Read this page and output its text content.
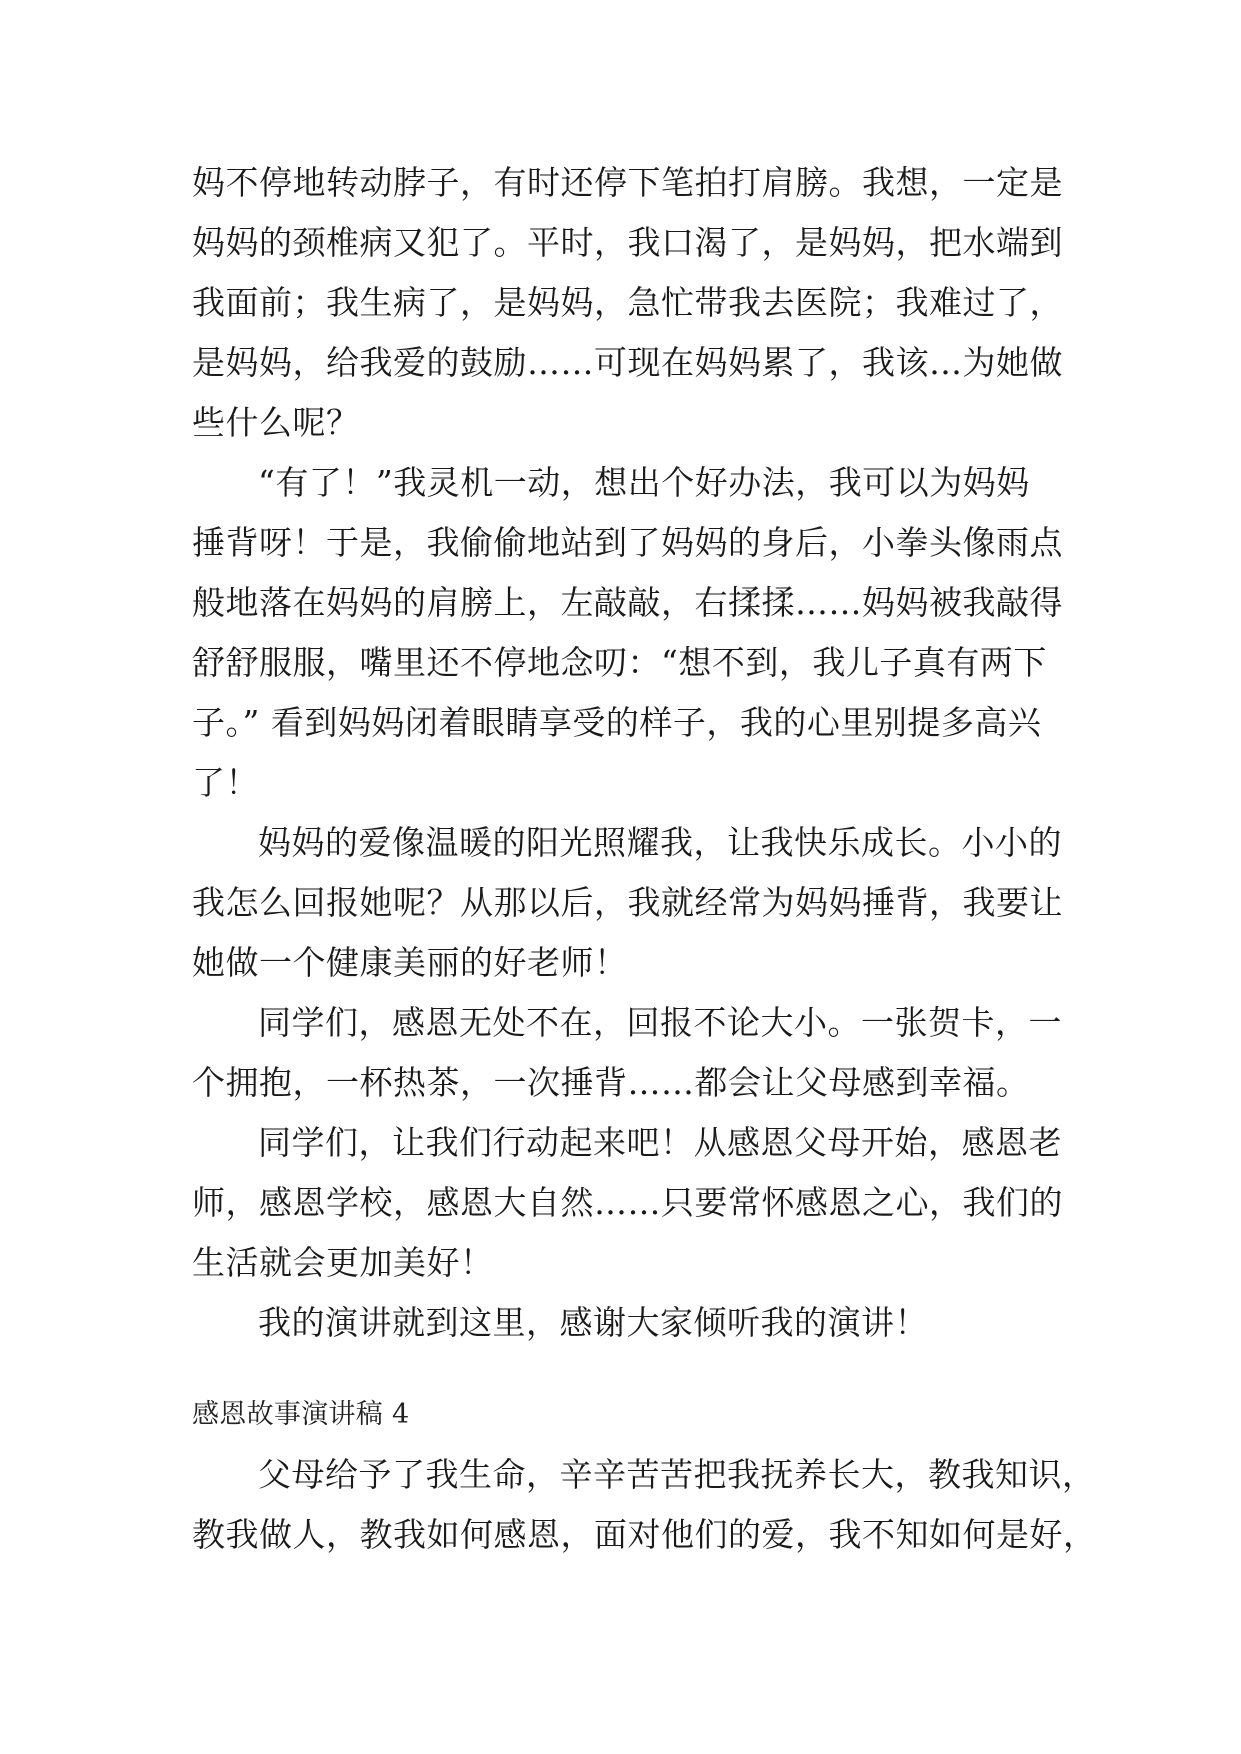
妈不停地转动脖子，有时还停下笔拍打肩膀。我想，一定是
妈妈的颈椎病又犯了。平时，我口渴了，是妈妈，把水端到
我面前；我生病了，是妈妈，急忙带我去医院；我难过了，
是妈妈，给我爱的鼓励……可现在妈妈累了，我该…为她做
些什么呢？
“有了！”我灵机一动，想出个好办法，我可以为妈妈
捶背呀！于是，我偷偷地站到了妈妈的身后，小拳头像雨点
般地落在妈妈的肩膀上，左敲敲，右揉揉……妈妈被我敲得
舒舒服服，嘴里还不停地念叨：“想不到，我儿子真有两下
子。” 看到妈妈闭着眼睛享受的样子，我的心里别提多高兴
了！
妈妈的爱像温暖的阳光照耀我，让我快乐成长。小小的
我怎么回报她呢？从那以后，我就经常为妈妈捶背，我要让
她做一个健康美丽的好老师！
同学们，感恩无处不在，回报不论大小。一张贺卡，一
个拥抱，一杯热茶，一次捶背……都会让父母感到幸福。
同学们，让我们行动起来吧！从感恩父母开始，感恩老
师，感恩学校，感恩大自然……只要常怀感恩之心，我们的
生活就会更加美好！
我的演讲就到这里，感谢大家倾听我的演讲！
感恩故事演讲稿 4
父母给予了我生命，辛辛苦苦把我抚养长大，教我知识，
教我做人，教我如何感恩，面对他们的爱，我不知如何是好，
